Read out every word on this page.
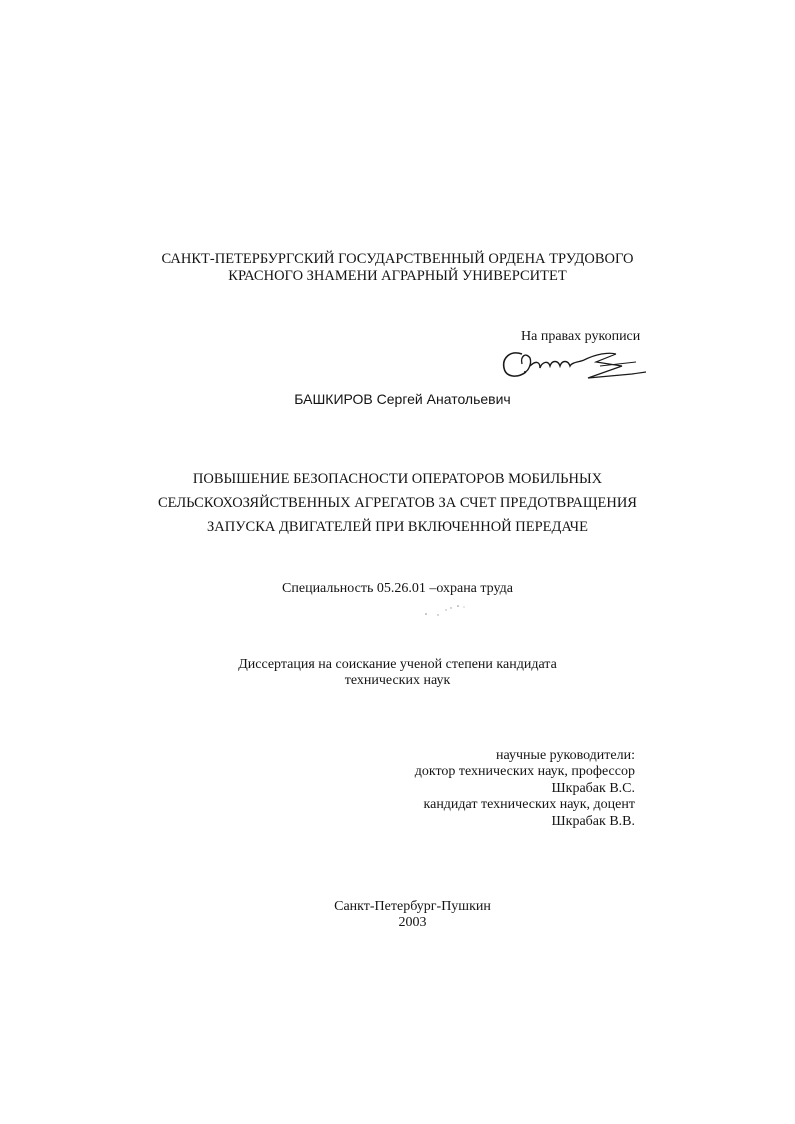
САНКТ-ПЕТЕРБУРГСКИЙ ГОСУДАРСТВЕННЫЙ ОРДЕНА ТРУДОВОГО
КРАСНОГО ЗНАМЕНИ АГРАРНЫЙ УНИВЕРСИТЕТ
На правах рукописи
БАШКИРОВ Сергей Анатольевич
ПОВЫШЕНИЕ БЕЗОПАСНОСТИ ОПЕРАТОРОВ МОБИЛЬНЫХ
СЕЛЬСКОХОЗЯЙСТВЕННЫХ АГРЕГАТОВ ЗА СЧЕТ ПРЕДОТВРАЩЕНИЯ
ЗАПУСКА ДВИГАТЕЛЕЙ ПРИ ВКЛЮЧЕННОЙ ПЕРЕДАЧЕ
Специальность 05.26.01 –охрана труда
Диссертация на соискание ученой степени кандидата
технических наук
научные руководители:
доктор технических наук, профессор
Шкрабак В.С.
кандидат технических наук, доцент
Шкрабак В.В.
Санкт-Петербург-Пушкин
2003
